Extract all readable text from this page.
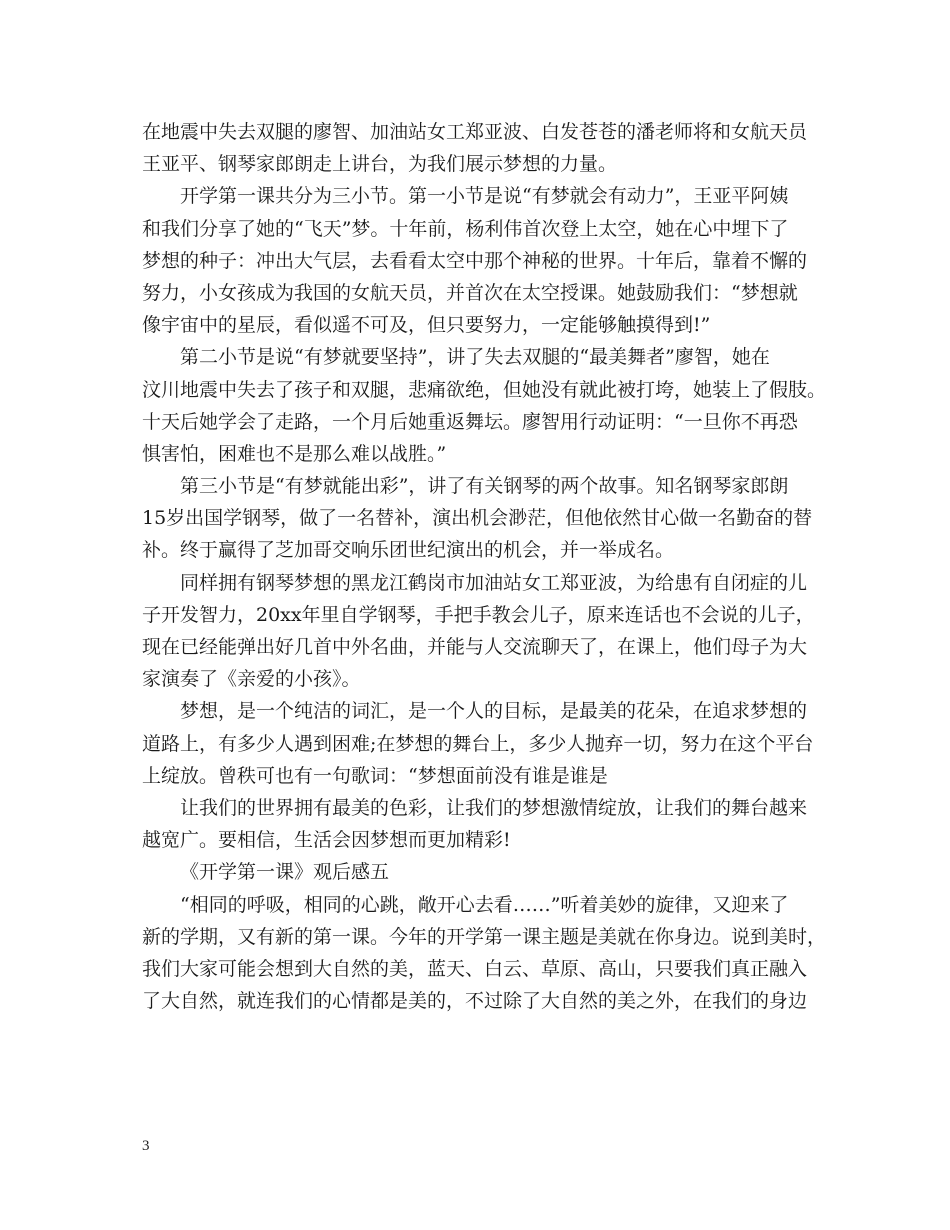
在地震中失去双腿的廖智、加油站女工郑亚波、白发苍苍的潘老师将和女航天员
王亚平、钢琴家郎朗走上讲台，为我们展示梦想的力量。
开学第一课共分为三小节。第一小节是说“有梦就会有动力”，王亚平阿姨
和我们分享了她的“飞天”梦。十年前，杨利伟首次登上太空，她在心中埋下了
梦想的种子：冲出大气层，去看看太空中那个神秘的世界。十年后，靠着不懈的
努力，小女孩成为我国的女航天员，并首次在太空授课。她鼓励我们：“梦想就
像宇宙中的星辰，看似遥不可及，但只要努力，一定能够触摸得到!”
第二小节是说“有梦就要坚持”，讲了失去双腿的“最美舞者”廖智，她在
汶川地震中失去了孩子和双腿，悲痛欲绝，但她没有就此被打垮，她装上了假肢。
十天后她学会了走路，一个月后她重返舞坛。廖智用行动证明：“一旦你不再恐
惧害怕，困难也不是那么难以战胜。”
第三小节是“有梦就能出彩”，讲了有关钢琴的两个故事。知名钢琴家郎朗
15岁出国学钢琴，做了一名替补，演出机会渺茫，但他依然甘心做一名勤奋的替
补。终于赢得了芝加哥交响乐团世纪演出的机会，并一举成名。
同样拥有钢琴梦想的黑龙江鹤岗市加油站女工郑亚波，为给患有自闭症的儿
子开发智力，20xx年里自学钢琴，手把手教会儿子，原来连话也不会说的儿子，
现在已经能弹出好几首中外名曲，并能与人交流聊天了，在课上，他们母子为大
家演奏了《亲爱的小孩》。
梦想，是一个纯洁的词汇，是一个人的目标，是最美的花朵，在追求梦想的
道路上，有多少人遇到困难;在梦想的舞台上，多少人抛弃一切，努力在这个平台
上绽放。曾秩可也有一句歌词：“梦想面前没有谁是谁是
让我们的世界拥有最美的色彩，让我们的梦想激情绽放，让我们的舞台越来
越宽广。要相信，生活会因梦想而更加精彩!
《开学第一课》观后感五
“相同的呼吸，相同的心跳，敞开心去看……”听着美妙的旋律，又迎来了
新的学期，又有新的第一课。今年的开学第一课主题是美就在你身边。说到美时，
我们大家可能会想到大自然的美，蓝天、白云、草原、高山，只要我们真正融入
了大自然，就连我们的心情都是美的，不过除了大自然的美之外，在我们的身边
3
